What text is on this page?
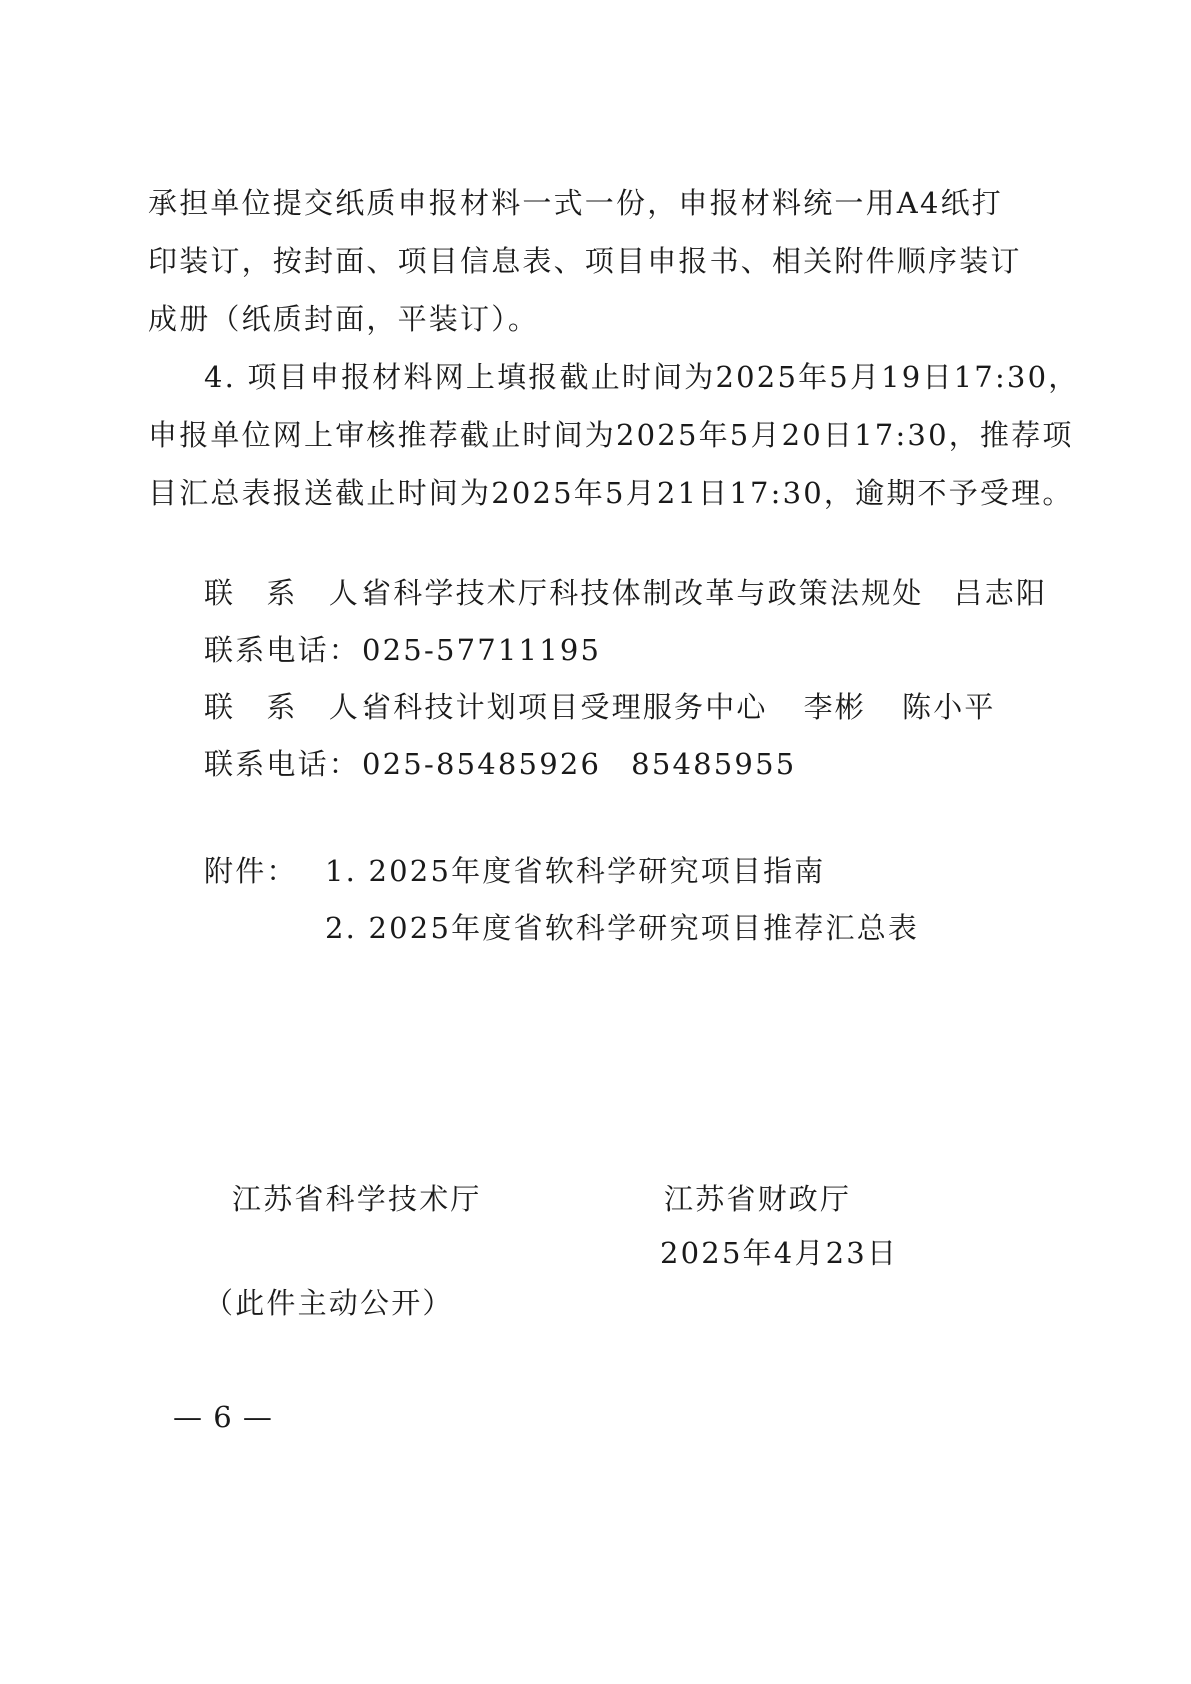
承担单位提交纸质申报材料一式一份，申报材料统一用A4纸打
印装订，按封面、项目信息表、项目申报书、相关附件顺序装订
成册（纸质封面，平装订）。
4. 项目申报材料网上填报截止时间为2025年5月19日17:30，
申报单位网上审核推荐截止时间为2025年5月20日17:30，推荐项
目汇总表报送截止时间为2025年5月21日17:30，逾期不予受理。
联　系　人：省科学技术厅科技体制改革与政策法规处 吕志阳
联系电话：025-57711195
联　系　人：省科技计划项目受理服务中心 李彬 陈小平
联系电话：025-85485926 85485955
附件： 1. 2025年度省软科学研究项目指南
2. 2025年度省软科学研究项目推荐汇总表
江苏省科学技术厅	江苏省财政厅
2025年4月23日
（此件主动公开）
— 6 —
